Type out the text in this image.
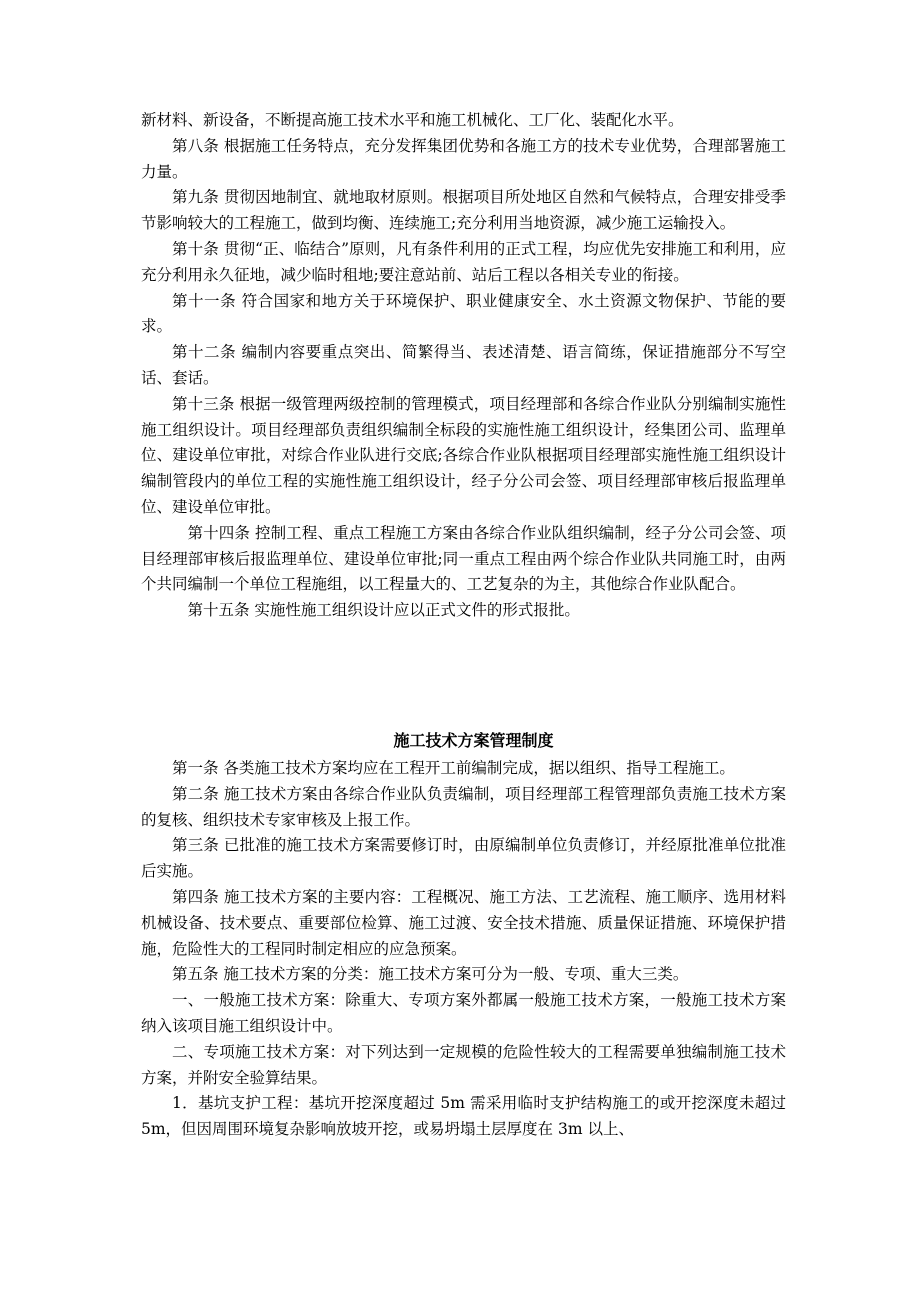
新材料、新设备，不断提高施工技术水平和施工机械化、工厂化、装配化水平。

第八条 根据施工任务特点，充分发挥集团优势和各施工方的技术专业优势，合理部署施工力量。

第九条 贯彻因地制宜、就地取材原则。根据项目所处地区自然和气候特点，合理安排受季节影响较大的工程施工，做到均衡、连续施工;充分利用当地资源，减少施工运输投入。

第十条 贯彻“正、临结合”原则，凡有条件利用的正式工程，均应优先安排施工和利用，应充分利用永久征地，减少临时租地;要注意站前、站后工程以各相关专业的衔接。

第十一条 符合国家和地方关于环境保护、职业健康安全、水土资源文物保护、节能的要求。

第十二条 编制内容要重点突出、简繁得当、表述清楚、语言简练，保证措施部分不写空话、套话。

第十三条 根据一级管理两级控制的管理模式，项目经理部和各综合作业队分别编制实施性施工组织设计。项目经理部负责组织编制全标段的实施性施工组织设计，经集团公司、监理单位、建设单位审批，对综合作业队进行交底;各综合作业队根据项目经理部实施性施工组织设计编制管段内的单位工程的实施性施工组织设计，经子分公司会签、项目经理部审核后报监理单位、建设单位审批。

第十四条 控制工程、重点工程施工方案由各综合作业队组织编制，经子分公司会签、项目经理部审核后报监理单位、建设单位审批;同一重点工程由两个综合作业队共同施工时，由两个共同编制一个单位工程施组，以工程量大的、工艺复杂的为主，其他综合作业队配合。

第十五条 实施性施工组织设计应以正式文件的形式报批。

施工技术方案管理制度

第一条 各类施工技术方案均应在工程开工前编制完成，据以组织、指导工程施工。

第二条 施工技术方案由各综合作业队负责编制，项目经理部工程管理部负责施工技术方案的复核、组织技术专家审核及上报工作。

第三条 已批准的施工技术方案需要修订时，由原编制单位负责修订，并经原批准单位批准后实施。

第四条 施工技术方案的主要内容：工程概况、施工方法、工艺流程、施工顺序、选用材料机械设备、技术要点、重要部位检算、施工过渡、安全技术措施、质量保证措施、环境保护措施，危险性大的工程同时制定相应的应急预案。

第五条 施工技术方案的分类：施工技术方案可分为一般、专项、重大三类。

一、一般施工技术方案：除重大、专项方案外都属一般施工技术方案，一般施工技术方案纳入该项目施工组织设计中。

二、专项施工技术方案：对下列达到一定规模的危险性较大的工程需要单独编制施工技术方案，并附安全验算结果。

1．基坑支护工程：基坑开挖深度超过 5m 需采用临时支护结构施工的或开挖深度未超过 5m，但因周围环境复杂影响放坡开挖，或易坍塌土层厚度在 3m 以上、
